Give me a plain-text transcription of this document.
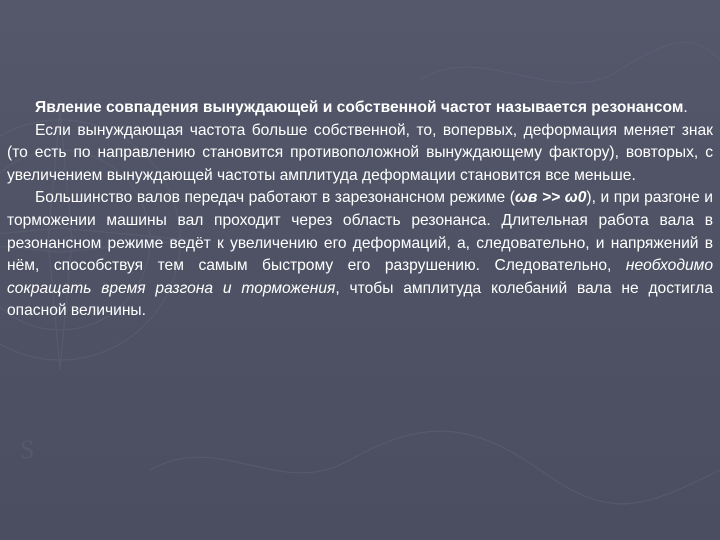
S

Явление совпадения вынуждающей и собственной частот называется резонансом.

Если вынуждающая частота больше собственной, то, вопервых, деформация меняет знак (то есть по направлению становится противоположной вынуждающему фактору), вовторых, с увеличением вынуждающей частоты амплитуда деформации становится все меньше.

Большинство валов передач работают в зарезонансном режиме (ωв >> ω0), и при разгоне и торможении машины вал проходит через область резонанса. Длительная работа вала в резонансном режиме ведёт к увеличению его деформаций, а, следовательно, и напряжений в нём, способствуя тем самым быстрому его разрушению. Следовательно, необходимо сокращать время разгона и торможения, чтобы амплитуда колебаний вала не достигла опасной величины.
